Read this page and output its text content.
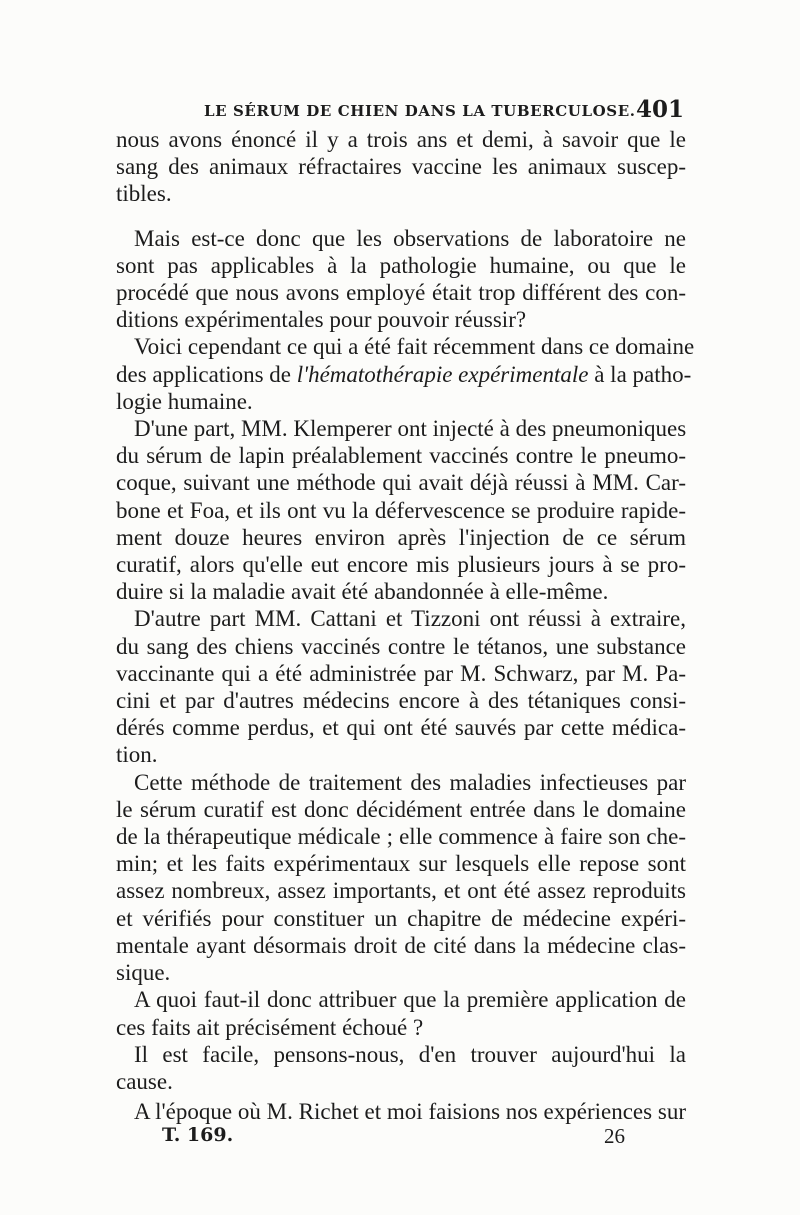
LE SÉRUM DE CHIEN DANS LA TUBERCULOSE. 401

nous avons énoncé il y a trois ans et demi, à savoir que le
sang des animaux réfractaires vaccine les animaux suscep-
tibles.

Mais est-ce donc que les observations de laboratoire ne
sont pas applicables à la pathologie humaine, ou que le
procédé que nous avons employé était trop différent des con-
ditions expérimentales pour pouvoir réussir?

Voici cependant ce qui a été fait récemment dans ce domaine
des applications de l'hématothérapie expérimentale à la patho-
logie humaine.

D'une part, MM. Klemperer ont injecté à des pneumoniques
du sérum de lapin préalablement vaccinés contre le pneumo-
coque, suivant une méthode qui avait déjà réussi à MM. Car-
bone et Foa, et ils ont vu la défervescence se produire rapide-
ment douze heures environ après l'injection de ce sérum
curatif, alors qu'elle eut encore mis plusieurs jours à se pro-
duire si la maladie avait été abandonnée à elle-même.

D'autre part MM. Cattani et Tizzoni ont réussi à extraire,
du sang des chiens vaccinés contre le tétanos, une substance
vaccinante qui a été administrée par M. Schwarz, par M. Pa-
cini et par d'autres médecins encore à des tétaniques consi-
dérés comme perdus, et qui ont été sauvés par cette médica-
tion.

Cette méthode de traitement des maladies infectieuses par
le sérum curatif est donc décidément entrée dans le domaine
de la thérapeutique médicale ; elle commence à faire son che-
min; et les faits expérimentaux sur lesquels elle repose sont
assez nombreux, assez importants, et ont été assez reproduits
et vérifiés pour constituer un chapitre de médecine expéri-
mentale ayant désormais droit de cité dans la médecine clas-
sique.

A quoi faut-il donc attribuer que la première application de
ces faits ait précisément échoué ?

Il est facile, pensons-nous, d'en trouver aujourd'hui la
cause.

A l'époque où M. Richet et moi faisions nos expériences sur

T. 169.	26
